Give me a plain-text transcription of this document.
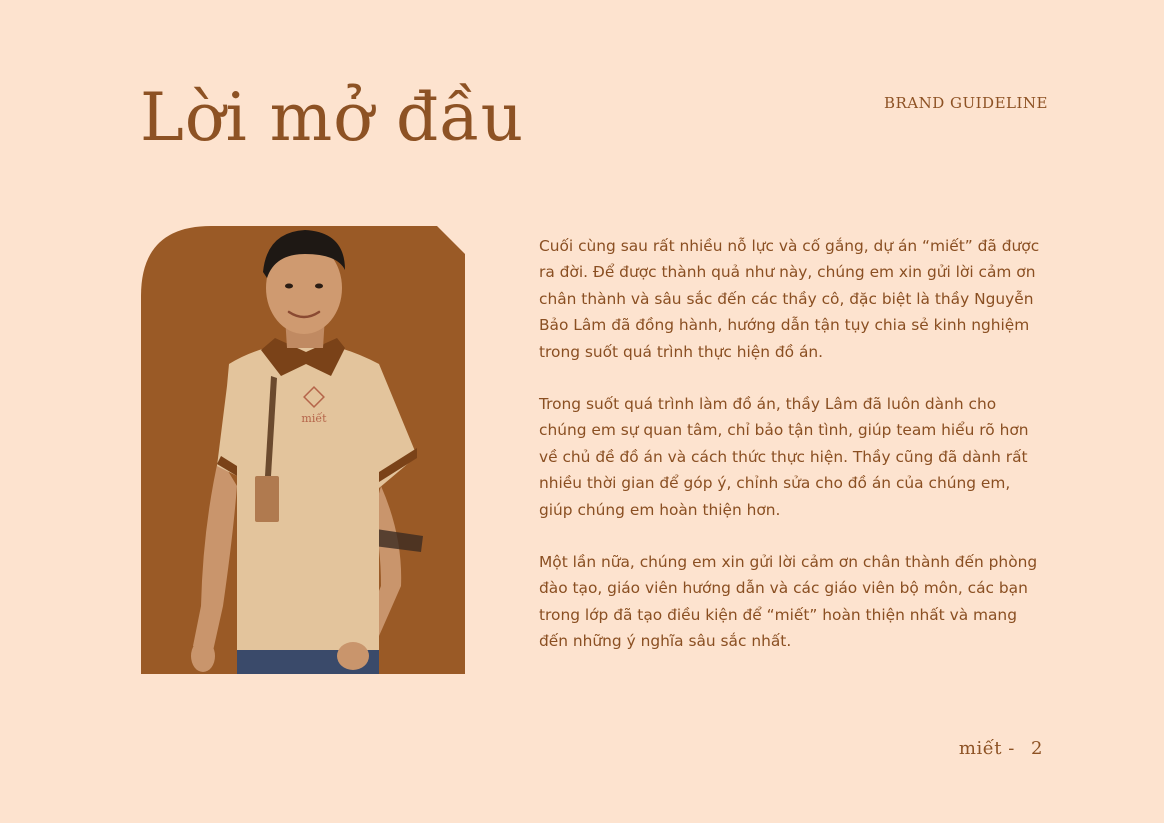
Lời mở đầu	BRAND GUIDELINE
miết

Cuối cùng sau rất nhiều nỗ lực và cố gắng, dự án “miết” đã được ra đời. Để được thành quả như này, chúng em xin gửi lời cảm ơn chân thành và sâu sắc đến các thầy cô, đặc biệt là thầy Nguyễn Bảo Lâm đã đồng hành, hướng dẫn tận tụy chia sẻ kinh nghiệm trong suốt quá trình thực hiện đồ án.

Trong suốt quá trình làm đồ án, thầy Lâm đã luôn dành cho chúng em sự quan tâm, chỉ bảo tận tình, giúp team hiểu rõ hơn về chủ đề đồ án và cách thức thực hiện. Thầy cũng đã dành rất nhiều thời gian để góp ý, chỉnh sửa cho đồ án của chúng em, giúp chúng em hoàn thiện hơn.

Một lần nữa, chúng em xin gửi lời cảm ơn chân thành đến phòng đào tạo, giáo viên hướng dẫn và các giáo viên bộ môn, các bạn trong lớp đã tạo điều kiện để “miết” hoàn thiện nhất và mang đến những ý nghĩa sâu sắc nhất.

miết - 2
